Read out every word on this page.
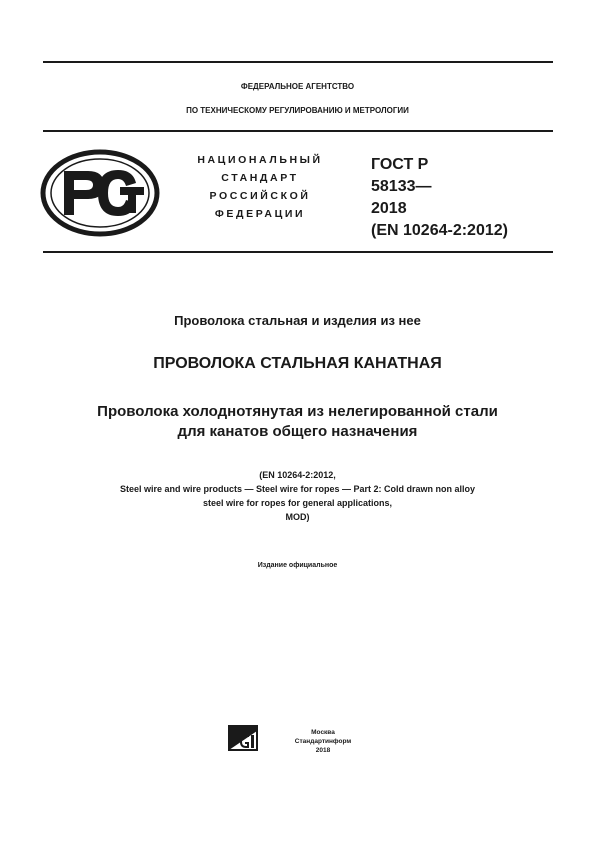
ФЕДЕРАЛЬНОЕ АГЕНТСТВО
ПО ТЕХНИЧЕСКОМУ РЕГУЛИРОВАНИЮ И МЕТРОЛОГИИ
НАЦИОНАЛЬНЫЙ
СТАНДАРТ
РОССИЙСКОЙ
ФЕДЕРАЦИИ
ГОСТ Р
58133—
2018
(EN 10264-2:2012)
Проволока стальная и изделия из нее
ПРОВОЛОКА СТАЛЬНАЯ КАНАТНАЯ
Проволока холоднотянутая из нелегированной стали
для канатов общего назначения
(EN 10264-2:2012,
Steel wire and wire products — Steel wire for ropes — Part 2: Cold drawn non alloy
steel wire for ropes for general applications,
MOD)
Издание официальное
Москва
Стандартинформ
2018
